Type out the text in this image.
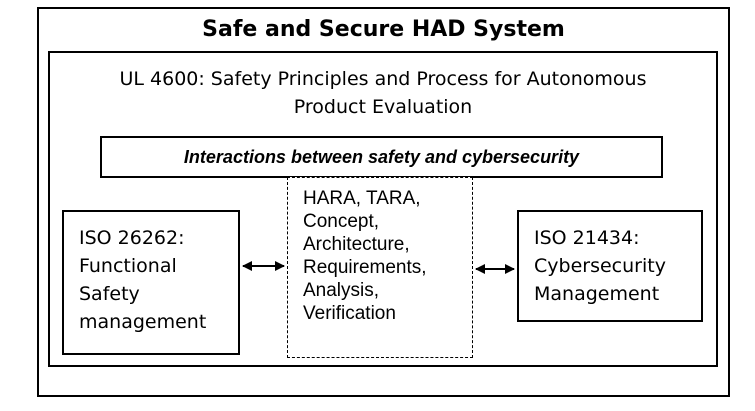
Safe and Secure HAD System
UL 4600: Safety Principles and Process for Autonomous
Product Evaluation
Interactions between safety and cybersecurity
ISO 26262:
Functional
Safety
management
HARA, TARA,
Concept,
Architecture,
Requirements,
Analysis,
Verification
ISO 21434:
Cybersecurity
Management
